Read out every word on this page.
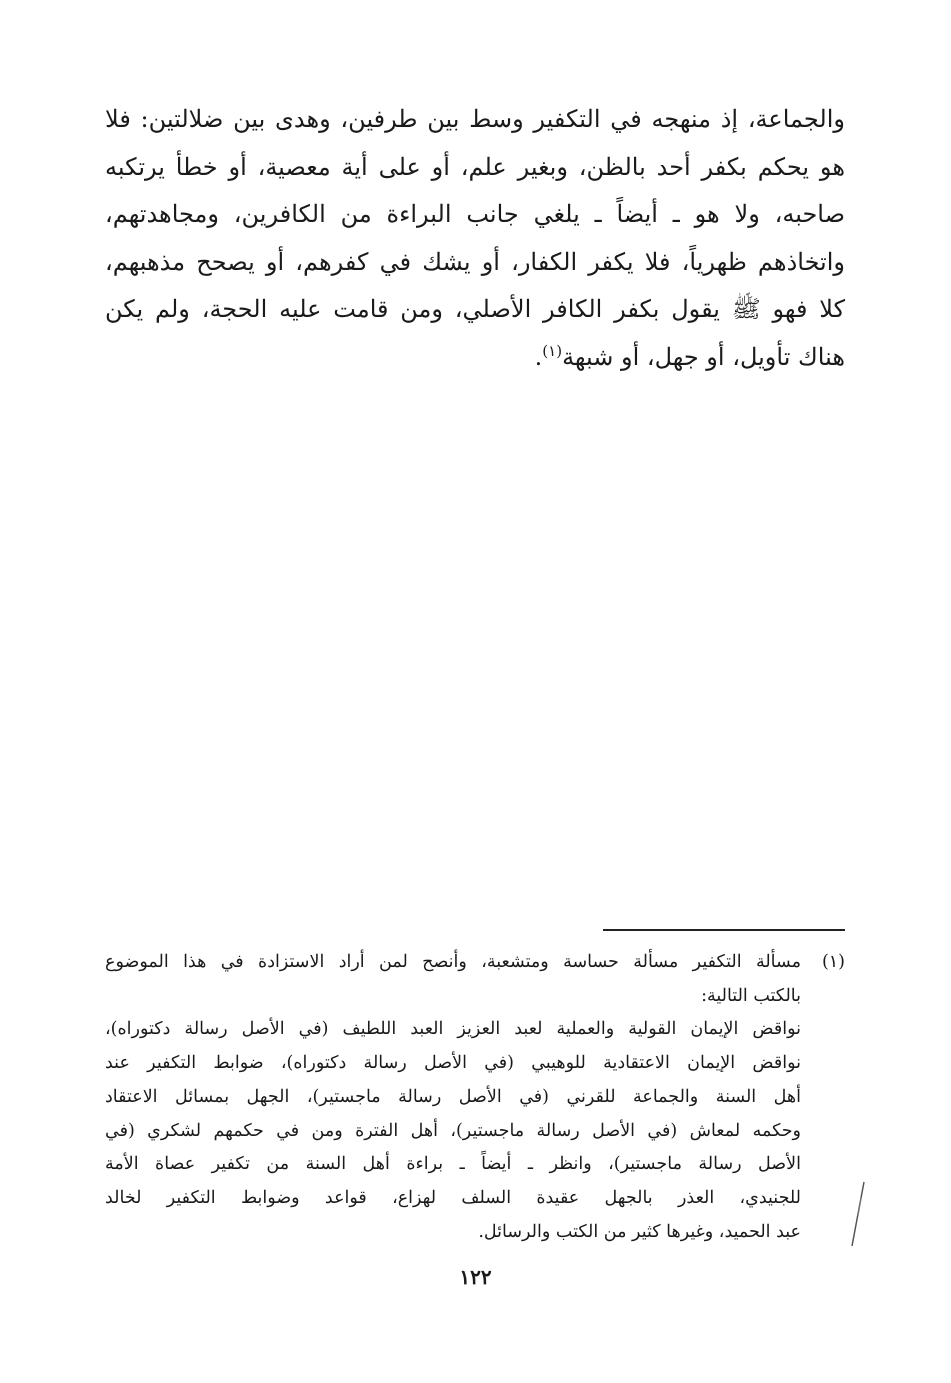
والجماعة، إذ منهجه في التكفير وسط بين طرفين، وهدى بين ضلالتين: فلا
هو يحكم بكفر أحد بالظن، وبغير علم، أو على أية معصية، أو خطأ يرتكبه
صاحبه، ولا هو ـ أيضاً ـ يلغي جانب البراءة من الكافرين، ومجاهدتهم،
واتخاذهم ظهرياً، فلا يكفر الكفار، أو يشك في كفرهم، أو يصحح مذهبهم،
كلا فهو ﷺ يقول بكفر الكافر الأصلي، ومن قامت عليه الحجة، ولم يكن
هناك تأويل، أو جهل، أو شبهة$^{(١)}$.
(١)
مسألة التكفير مسألة حساسة ومتشعبة، وأنصح لمن أراد الاستزادة في هذا الموضوع
بالكتب التالية:
نواقض الإيمان القولية والعملية لعبد العزيز العبد اللطيف (في الأصل رسالة دكتوراه)،
نواقض الإيمان الاعتقادية للوهيبي (في الأصل رسالة دكتوراه)، ضوابط التكفير عند
أهل السنة والجماعة للقرني (في الأصل رسالة ماجستير)، الجهل بمسائل الاعتقاد
وحكمه لمعاش (في الأصل رسالة ماجستير)، أهل الفترة ومن في حكمهم لشكري (في
الأصل رسالة ماجستير)، وانظر ـ أيضاً ـ براءة أهل السنة من تكفير عصاة الأمة
للجنيدي، العذر بالجهل عقيدة السلف لهزاع، قواعد وضوابط التكفير لخالد
عبد الحميد، وغيرها كثير من الكتب والرسائل.
١٢٢
